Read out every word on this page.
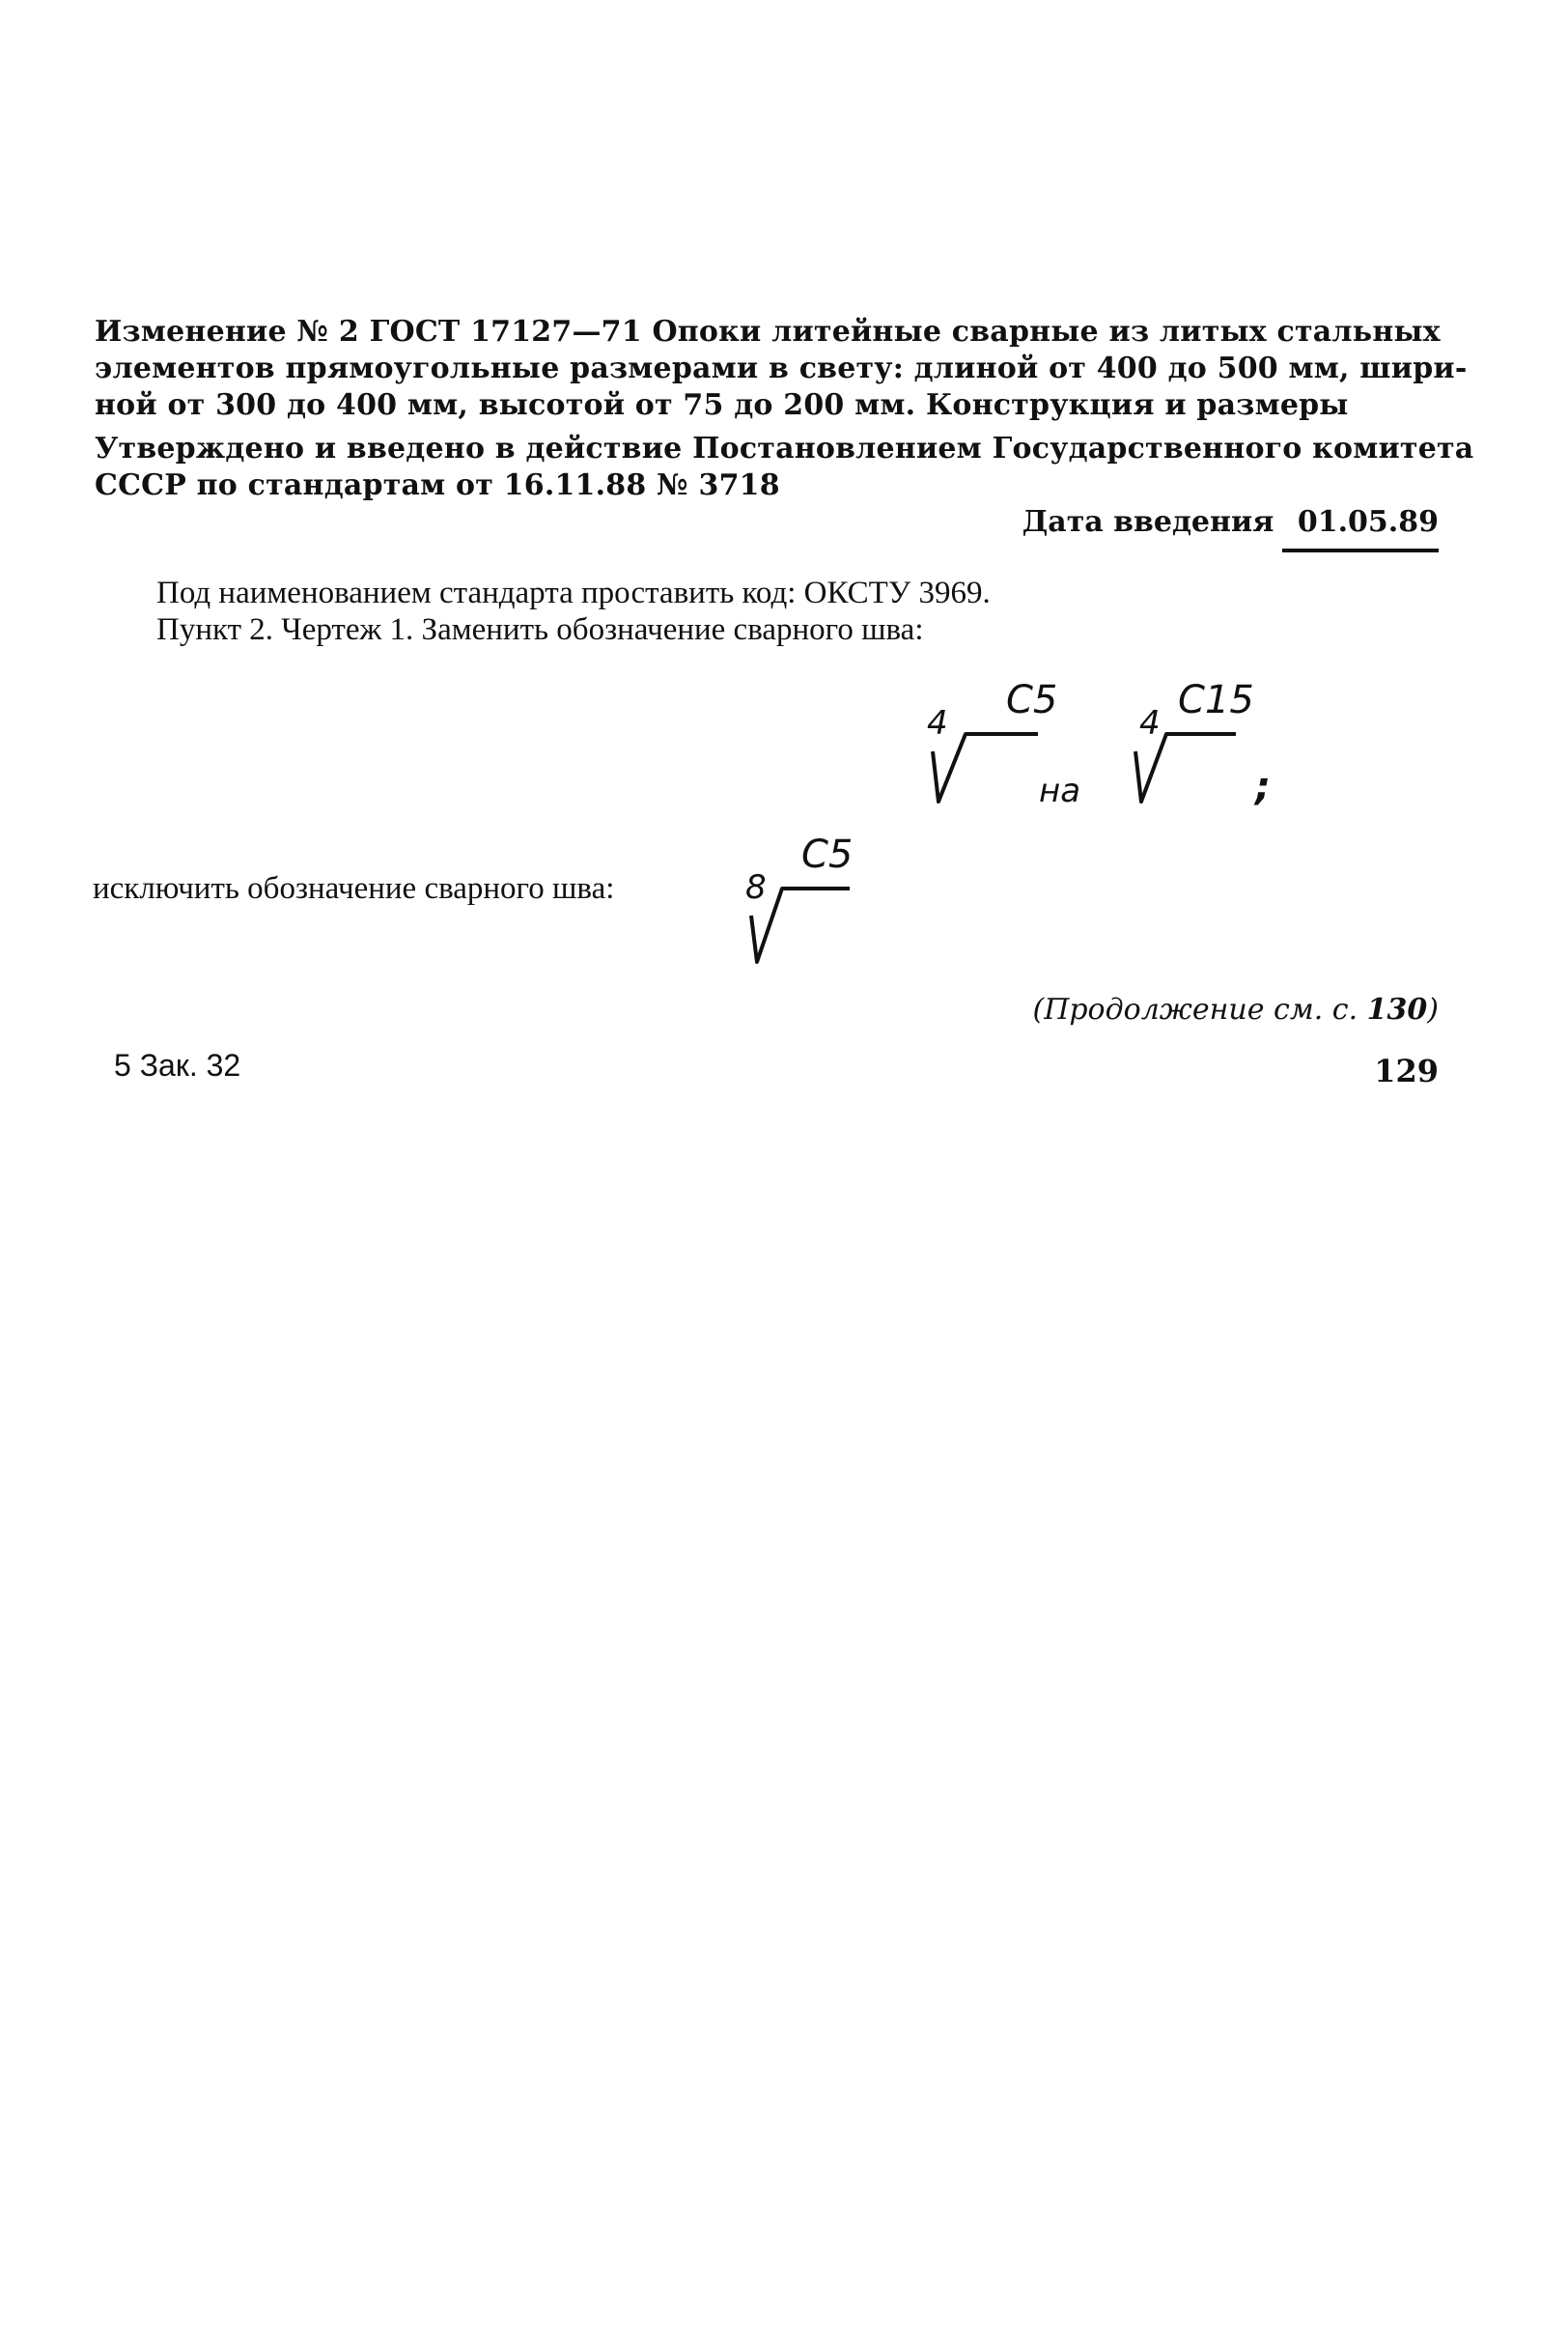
Изменение № 2 ГОСТ 17127—71 Опоки литейные сварные из литых стальных
элементов прямоугольные размерами в свету: длиной от 400 до 500 мм, шири-
ной от 300 до 400 мм, высотой от 75 до 200 мм. Конструкция и размеры
Утверждено и введено в действие Постановлением Государственного комитета
СССР по стандартам от 16.11.88 № 3718
Дата введения 01.05.89
Под наименованием стандарта проставить код: ОКСТУ 3969.
Пункт 2. Чертеж 1. Заменить обозначение сварного шва:
4
С5
на
4
С15
;
исключить обозначение сварного шва:	8
С5
(Продолжение см. с. 130)
5 Зак. 32	129
